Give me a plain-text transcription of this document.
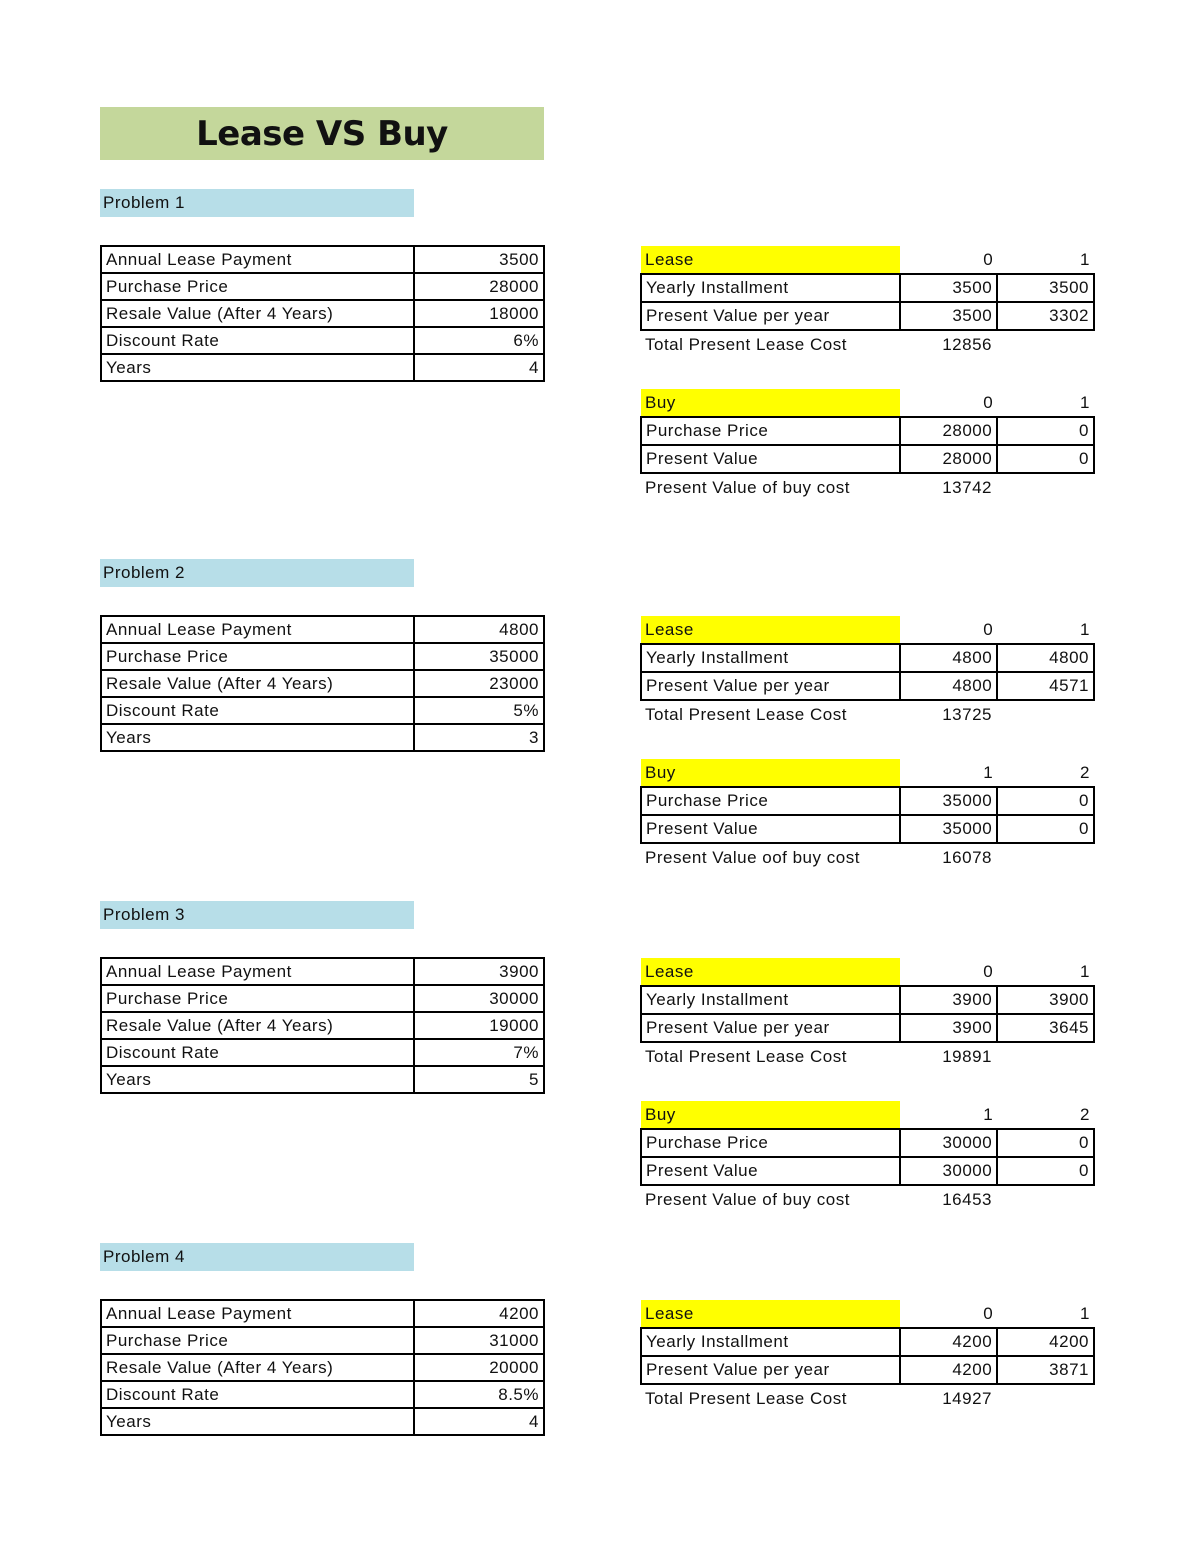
Lease VS Buy
Problem 1
Annual Lease Payment	3500
Purchase Price	28000
Resale Value (After 4 Years)	18000
Discount Rate	6%
Years	4
Lease	0	1
Yearly Installment	3500	3500
Present Value per year	3500	3302
Total Present Lease Cost	12856	
Buy	0	1
Purchase Price	28000	0
Present Value	28000	0
Present Value of buy cost	13742	
Problem 2
Annual Lease Payment	4800
Purchase Price	35000
Resale Value (After 4 Years)	23000
Discount Rate	5%
Years	3
Lease	0	1
Yearly Installment	4800	4800
Present Value per year	4800	4571
Total Present Lease Cost	13725	
Buy	1	2
Purchase Price	35000	0
Present Value	35000	0
Present Value oof buy cost	16078	
Problem 3
Annual Lease Payment	3900
Purchase Price	30000
Resale Value (After 4 Years)	19000
Discount Rate	7%
Years	5
Lease	0	1
Yearly Installment	3900	3900
Present Value per year	3900	3645
Total Present Lease Cost	19891	
Buy	1	2
Purchase Price	30000	0
Present Value	30000	0
Present Value of buy cost	16453	
Problem 4
Annual Lease Payment	4200
Purchase Price	31000
Resale Value (After 4 Years)	20000
Discount Rate	8.5%
Years	4
Lease	0	1
Yearly Installment	4200	4200
Present Value per year	4200	3871
Total Present Lease Cost	14927	
